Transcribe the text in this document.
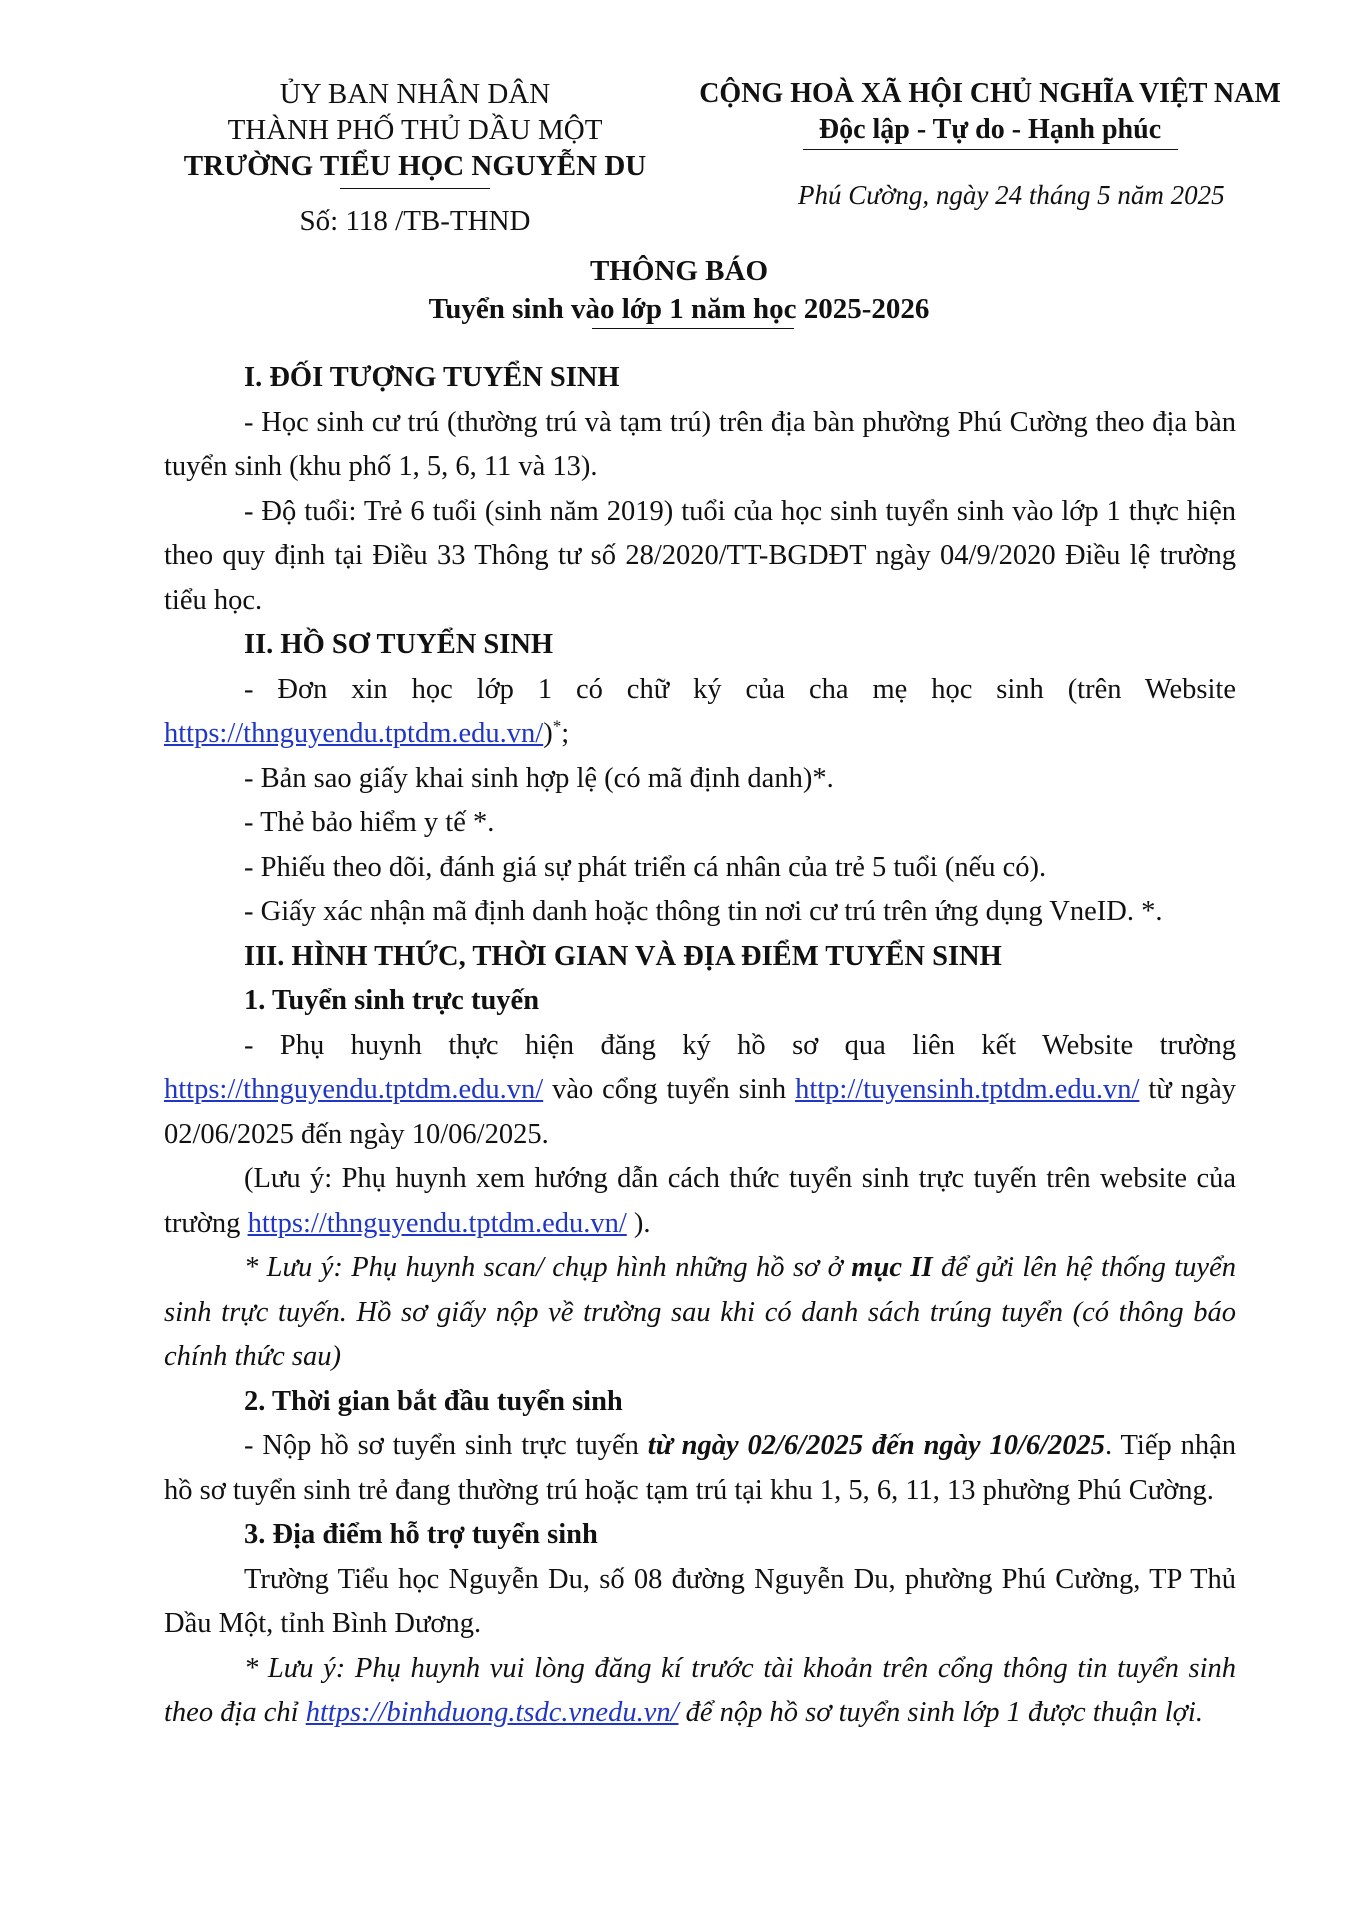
ỦY BAN NHÂN DÂN
THÀNH PHỐ THỦ DẦU MỘT
TRƯỜNG TIỂU HỌC NGUYỄN DU
Số: 118 /TB-THND
CỘNG HOÀ XÃ HỘI CHỦ NGHĨA VIỆT NAM
Độc lập - Tự do - Hạnh phúc
Phú Cường, ngày 24 tháng 5 năm 2025
THÔNG BÁO
Tuyển sinh vào lớp 1 năm học 2025-2026

I. ĐỐI TƯỢNG TUYỂN SINH

- Học sinh cư trú (thường trú và tạm trú) trên địa bàn phường Phú Cường theo địa bàn tuyển sinh (khu phố 1, 5, 6, 11 và 13).

- Độ tuổi: Trẻ 6 tuổi (sinh năm 2019) tuổi của học sinh tuyển sinh vào lớp 1 thực hiện theo quy định tại Điều 33 Thông tư số 28/2020/TT-BGDĐT ngày 04/9/2020 Điều lệ trường tiểu học.

II. HỒ SƠ TUYỂN SINH

- Đơn xin học lớp 1 có chữ ký của cha mẹ học sinh (trên Website https://thnguyendu.tptdm.edu.vn/)*;

- Bản sao giấy khai sinh hợp lệ (có mã định danh)*.

- Thẻ bảo hiểm y tế *.

- Phiếu theo dõi, đánh giá sự phát triển cá nhân của trẻ 5 tuổi (nếu có).

- Giấy xác nhận mã định danh hoặc thông tin nơi cư trú trên ứng dụng VneID. *.

III. HÌNH THỨC, THỜI GIAN VÀ ĐỊA ĐIỂM TUYỂN SINH

1. Tuyển sinh trực tuyến

- Phụ huynh thực hiện đăng ký hồ sơ qua liên kết Website trường https://thnguyendu.tptdm.edu.vn/ vào cổng tuyển sinh http://tuyensinh.tptdm.edu.vn/ từ ngày 02/06/2025 đến ngày 10/06/2025.

(Lưu ý: Phụ huynh xem hướng dẫn cách thức tuyển sinh trực tuyến trên website của trường https://thnguyendu.tptdm.edu.vn/ ).

* Lưu ý: Phụ huynh scan/ chụp hình những hồ sơ ở mục II để gửi lên hệ thống tuyển sinh trực tuyến. Hồ sơ giấy nộp về trường sau khi có danh sách trúng tuyển (có thông báo chính thức sau)

2. Thời gian bắt đầu tuyển sinh

- Nộp hồ sơ tuyển sinh trực tuyến từ ngày 02/6/2025 đến ngày 10/6/2025. Tiếp nhận hồ sơ tuyển sinh trẻ đang thường trú hoặc tạm trú tại khu 1, 5, 6, 11, 13 phường Phú Cường.

3. Địa điểm hỗ trợ tuyển sinh

Trường Tiểu học Nguyễn Du, số 08 đường Nguyễn Du, phường Phú Cường, TP Thủ Dầu Một, tỉnh Bình Dương.

* Lưu ý: Phụ huynh vui lòng đăng kí trước tài khoản trên cổng thông tin tuyển sinh theo địa chỉ https://binhduong.tsdc.vnedu.vn/ để nộp hồ sơ tuyển sinh lớp 1 được thuận lợi.
